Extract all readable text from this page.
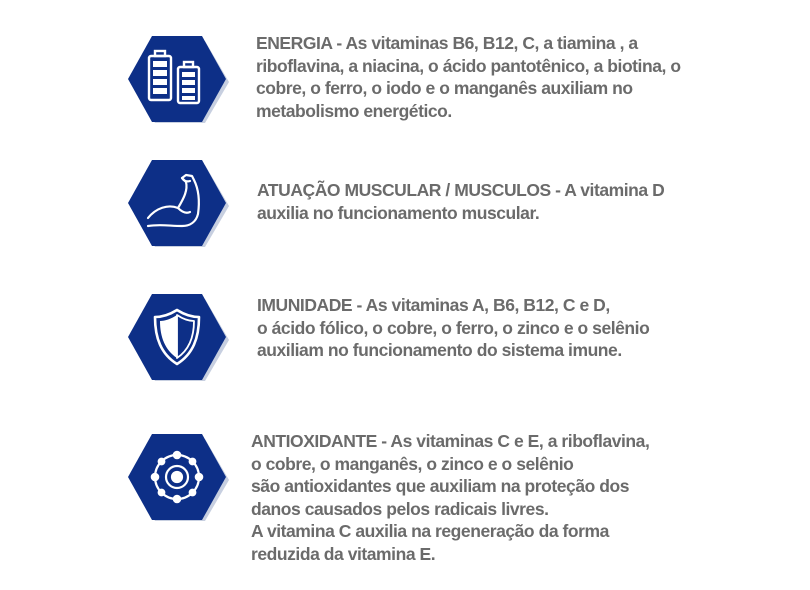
ENERGIA - As vitaminas B6, B12, C, a tiamina , a
riboflavina, a niacina, o ácido pantotênico, a biotina, o
cobre, o ferro, o iodo e o manganês auxiliam no
metabolismo energético.
ATUAÇÃO MUSCULAR / MUSCULOS - A vitamina D
auxilia no funcionamento muscular.
IMUNIDADE - As vitaminas A, B6, B12, C e D,
o ácido fólico, o cobre, o ferro, o zinco e o selênio
auxiliam no funcionamento do sistema imune.
ANTIOXIDANTE - As vitaminas C e E, a riboflavina,
o cobre, o manganês, o zinco e o selênio
são antioxidantes que auxiliam na proteção dos
danos causados pelos radicais livres.
A vitamina C auxilia na regeneração da forma
reduzida da vitamina E.
